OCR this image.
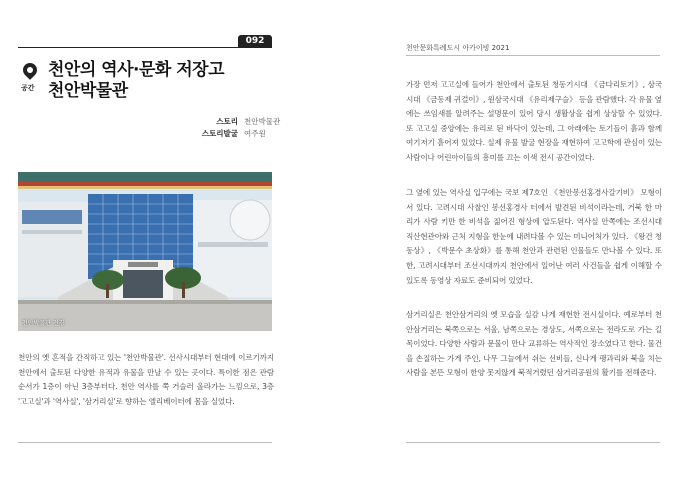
092
공간
천안의 역사·문화 저장고
천안박물관
스토리 천안박물관
스토리발굴 여주원
천안박물관 전경
천안의 옛 흔적을 간직하고 있는 '천안박물관'. 선사시대부터 현대에 이르기까지 천안에서 출토된 다양한 유적과 유물을 만날 수 있는 곳이다. 특이한 점은 관람 순서가 1층이 아닌 3층부터다. 천안 역사를 쭉 거슬러 올라가는 느낌으로, 3층 '고고실'과 '역사실', '삼거리실'로 향하는 엘리베이터에 몸을 실었다.
천안문화특례도시 아카이빙 2021
가장 먼저 고고실에 들어가 천안에서 출토된 청동기시대 《금다리토기》, 삼국시대 《금동제 귀걸이》, 원삼국시대 《유리제구슬》 등을 관람했다. 각 유물 옆에는 쓰임새를 알려주는 설명문이 있어 당시 생활상을 쉽게 상상할 수 있었다. 또 고고실 중앙에는 유리로 된 바닥이 있는데, 그 아래에는 토기들이 흙과 함께 여기저기 흩어져 있었다. 실제 유물 발굴 현장을 재현하여 고고학에 관심이 있는 사람이나 어린아이들의 흥미를 끄는 이색 전시 공간이었다.
그 옆에 있는 역사실 입구에는 국보 제7호인 《천안봉선홍경사갈기비》 모형이 서 있다. 고려시대 사찰인 봉선홍경사 터에서 발견된 비석이라는데, 거북 한 마리가 사람 키만 한 비석을 짊어진 형상에 압도된다. 역사실 안쪽에는 조선시대 직산현관아와 근처 지형을 한눈에 내려다볼 수 있는 미니어처가 있다. 《왕건 청동상》, 《박문수 초상화》를 통해 천안과 관련된 인물들도 만나볼 수 있다. 또한, 고려시대부터 조선시대까지 천안에서 일어난 여러 사건들을 쉽게 이해할 수 있도록 동영상 자료도 준비되어 있었다.
삼거리실은 천안삼거리의 옛 모습을 실감 나게 재현한 전시실이다. 예로부터 천안삼거리는 북쪽으로는 서울, 남쪽으로는 경상도, 서쪽으로는 전라도로 가는 길목이었다. 다양한 사람과 문물이 만나 교류하는 역사적인 장소였다고 한다. 물건을 손질하는 가게 주인, 나무 그늘에서 쉬는 선비들, 신나게 팽과리와 북을 치는 사람을 본뜬 모형이 한양 못지않게 북적거렸던 삼거리공원의 활기를 전해준다.
